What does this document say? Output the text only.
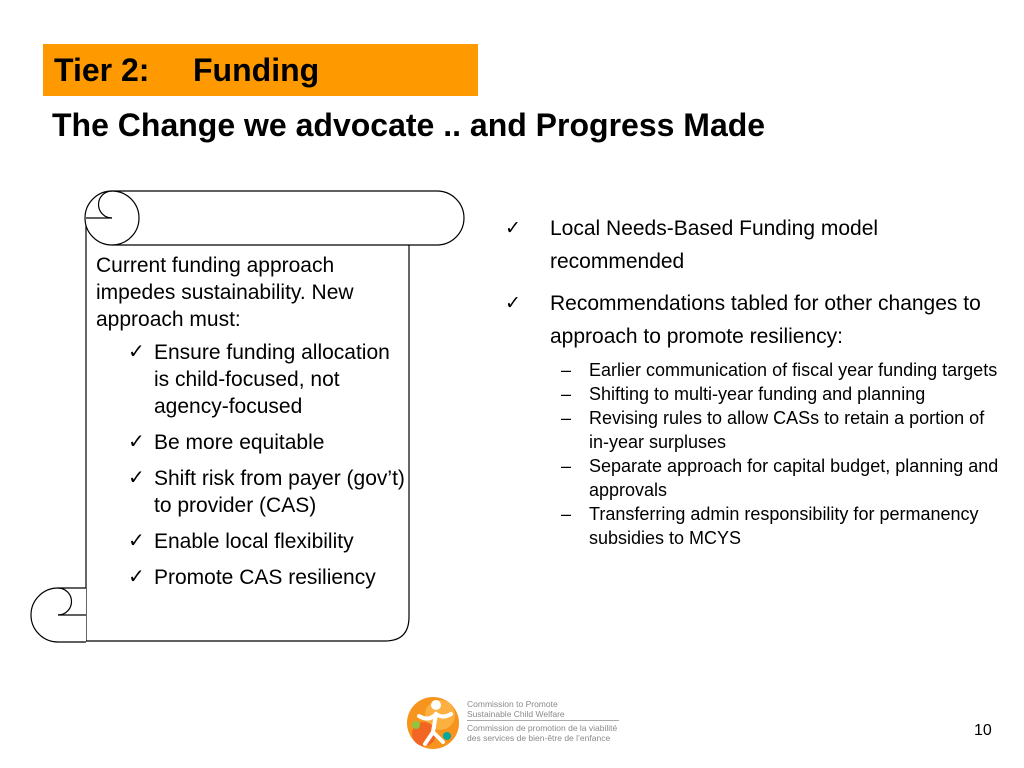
Tier 2: Funding
The Change we advocate .. and Progress Made
Current funding approach impedes sustainability. New approach must:
✓ Ensure funding allocation is child-focused, not agency-focused
✓ Be more equitable
✓ Shift risk from payer (gov’t) to provider (CAS)
✓ Enable local flexibility
✓ Promote CAS resiliency
✓ Local Needs-Based Funding model recommended
✓ Recommendations tabled for other changes to approach to promote resiliency:
– Earlier communication of fiscal year funding targets
– Shifting to multi-year funding and planning
– Revising rules to allow CASs to retain a portion of in-year surpluses
– Separate approach for capital budget, planning and approvals
– Transferring admin responsibility for permanency subsidies to MCYS
Commission to Promote
Sustainable Child Welfare
Commission de promotion de la viabilité
des services de bien-être de l’enfance	10
